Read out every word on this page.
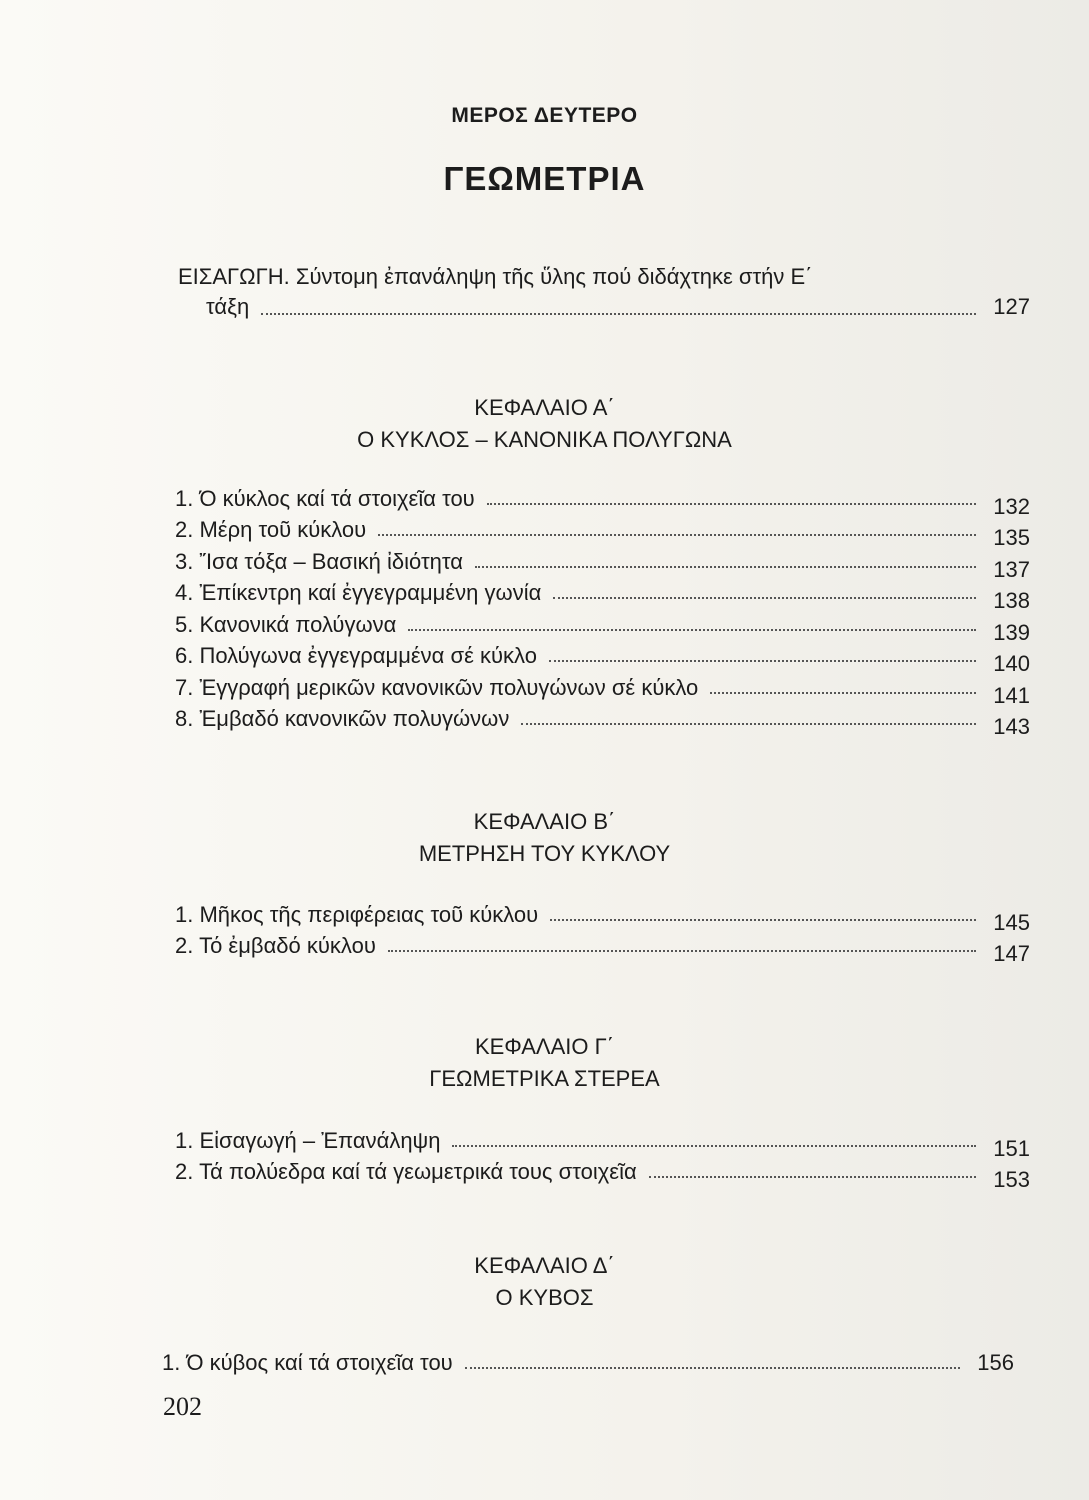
ΜΕΡΟΣ ΔΕΥΤΕΡΟ
ΓΕΩΜΕΤΡΙΑ
ΕΙΣΑΓΩΓΗ. Σύντομη ἐπανάληψη τῆς ὕλης πού διδάχτηκε στήν Ε΄
τάξη	127
ΚΕΦΑΛΑΙΟ Α΄
Ο ΚΥΚΛΟΣ – ΚΑΝΟΝΙΚΑ ΠΟΛΥΓΩΝΑ
1. Ό κύκλος καί τά στοιχεῖα του	132
2. Μέρη τοῦ κύκλου	135
3. Ἴσα τόξα – Βασική ἰδιότητα	137
4. Ἐπίκεντρη καί ἐγγεγραμμένη γωνία	138
5. Κανονικά πολύγωνα	139
6. Πολύγωνα ἐγγεγραμμένα σέ κύκλο	140
7. Ἐγγραφή μερικῶν κανονικῶν πολυγώνων σέ κύκλο	141
8. Ἐμβαδό κανονικῶν πολυγώνων	143
ΚΕΦΑΛΑΙΟ Β΄
ΜΕΤΡΗΣΗ ΤΟΥ ΚΥΚΛΟΥ
1. Μῆκος τῆς περιφέρειας τοῦ κύκλου	145
2. Τό ἐμβαδό κύκλου	147
ΚΕΦΑΛΑΙΟ Γ΄
ΓΕΩΜΕΤΡΙΚΑ ΣΤΕΡΕΑ
1. Εἰσαγωγή – Ἐπανάληψη	151
2. Τά πολύεδρα καί τά γεωμετρικά τους στοιχεῖα	153
ΚΕΦΑΛΑΙΟ Δ΄
Ο ΚΥΒΟΣ
1. Ό κύβος καί τά στοιχεῖα του	156
202
